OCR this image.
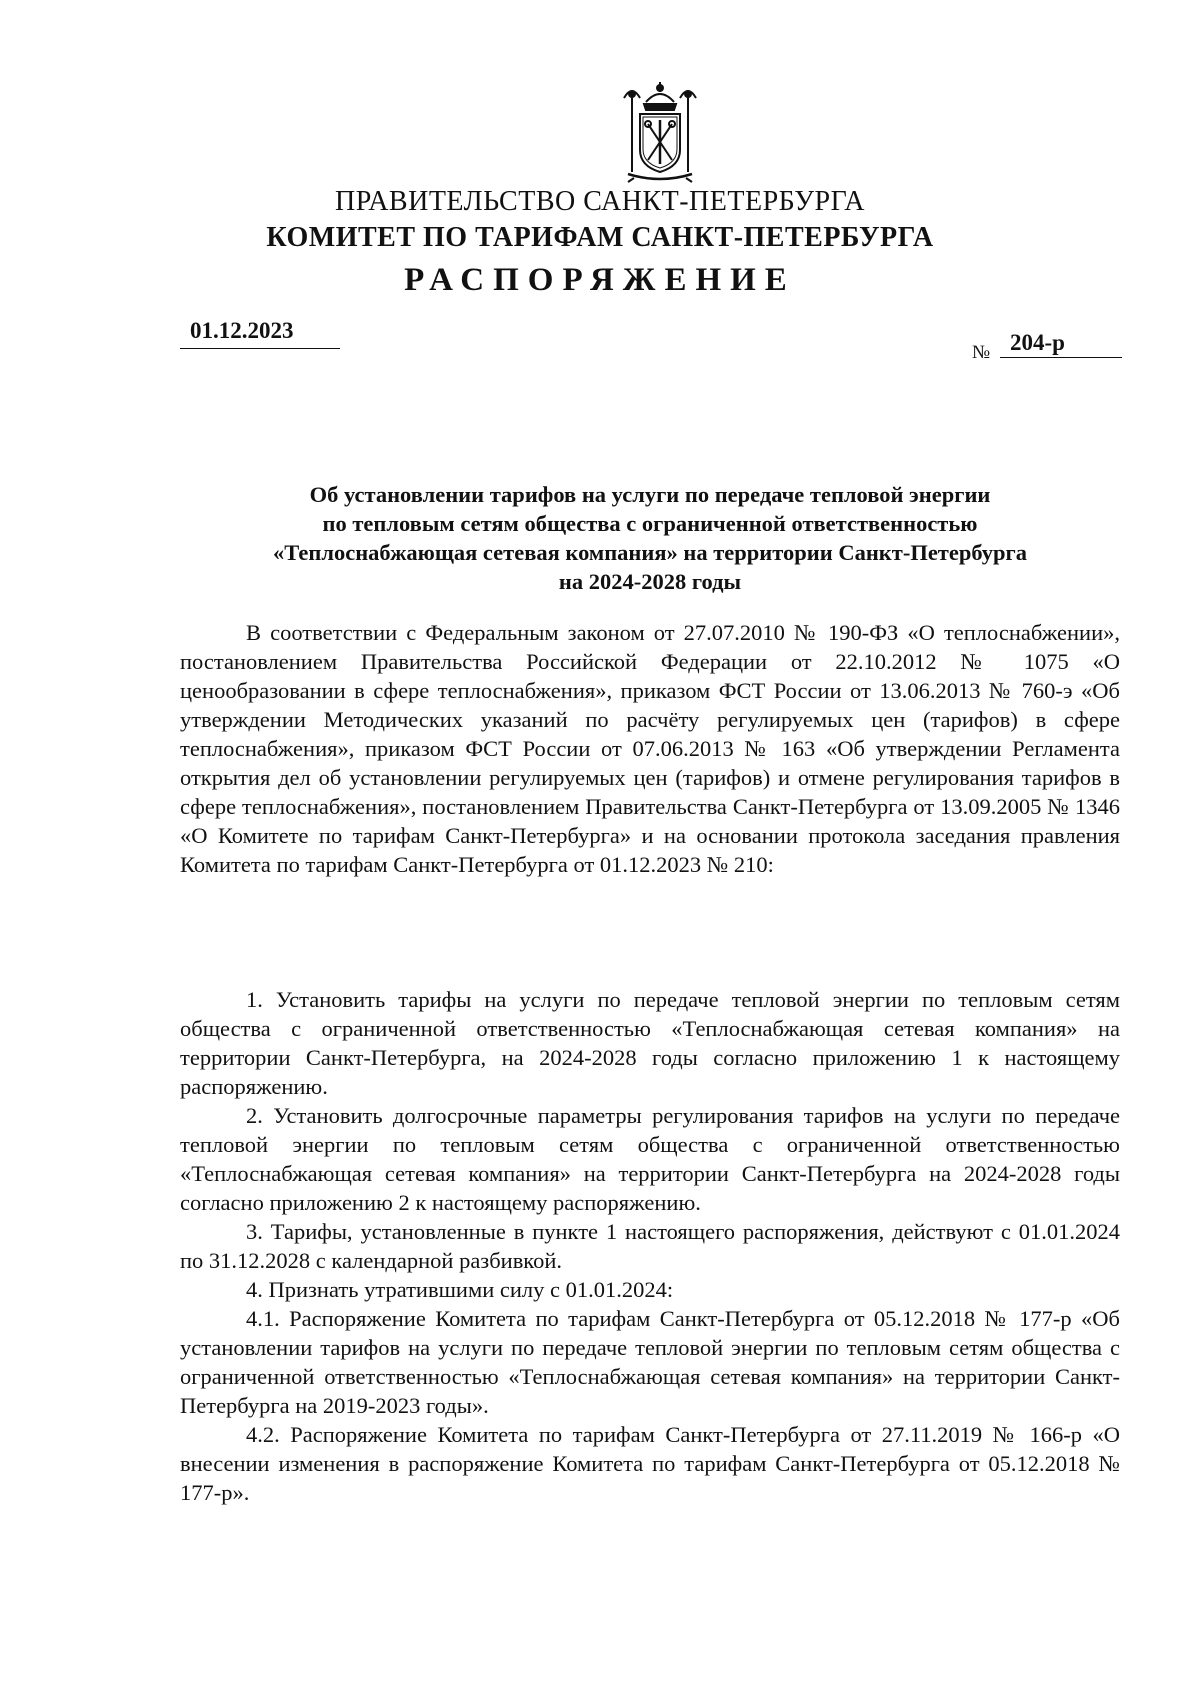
ПРАВИТЕЛЬСТВО САНКТ-ПЕТЕРБУРГА
КОМИТЕТ ПО ТАРИФАМ САНКТ-ПЕТЕРБУРГА
РАСПОРЯЖЕНИЕ
01.12.2023
№ 204-р
Об установлении тарифов на услуги по передаче тепловой энергии
по тепловым сетям общества с ограниченной ответственностью
«Теплоснабжающая сетевая компания» на территории Санкт-Петербурга
на 2024-2028 годы

В соответствии с Федеральным законом от 27.07.2010 № 190-ФЗ «О теплоснабжении», постановлением Правительства Российской Федерации от 22.10.2012 № 1075 «О ценообразовании в сфере теплоснабжения», приказом ФСТ России от 13.06.2013 № 760-э «Об утверждении Методических указаний по расчёту регулируемых цен (тарифов) в сфере теплоснабжения», приказом ФСТ России от 07.06.2013 № 163 «Об утверждении Регламента открытия дел об установлении регулируемых цен (тарифов) и отмене регулирования тарифов в сфере теплоснабжения», постановлением Правительства Санкт-Петербурга от 13.09.2005 № 1346 «О Комитете по тарифам Санкт-Петербурга» и на основании протокола заседания правления Комитета по тарифам Санкт-Петербурга от 01.12.2023 № 210:

1. Установить тарифы на услуги по передаче тепловой энергии по тепловым сетям общества с ограниченной ответственностью «Теплоснабжающая сетевая компания» на территории Санкт-Петербурга, на 2024-2028 годы согласно приложению 1 к настоящему распоряжению.

2. Установить долгосрочные параметры регулирования тарифов на услуги по передаче тепловой энергии по тепловым сетям общества с ограниченной ответственностью «Теплоснабжающая сетевая компания» на территории Санкт-Петербурга на 2024-2028 годы согласно приложению 2 к настоящему распоряжению.

3. Тарифы, установленные в пункте 1 настоящего распоряжения, действуют с 01.01.2024 по 31.12.2028 с календарной разбивкой.

4. Признать утратившими силу с 01.01.2024:

4.1. Распоряжение Комитета по тарифам Санкт-Петербурга от 05.12.2018 № 177-р «Об установлении тарифов на услуги по передаче тепловой энергии по тепловым сетям общества с ограниченной ответственностью «Теплоснабжающая сетевая компания» на территории Санкт-Петербурга на 2019-2023 годы».

4.2. Распоряжение Комитета по тарифам Санкт-Петербурга от 27.11.2019 № 166-р «О внесении изменения в распоряжение Комитета по тарифам Санкт-Петербурга от 05.12.2018 № 177-р».
